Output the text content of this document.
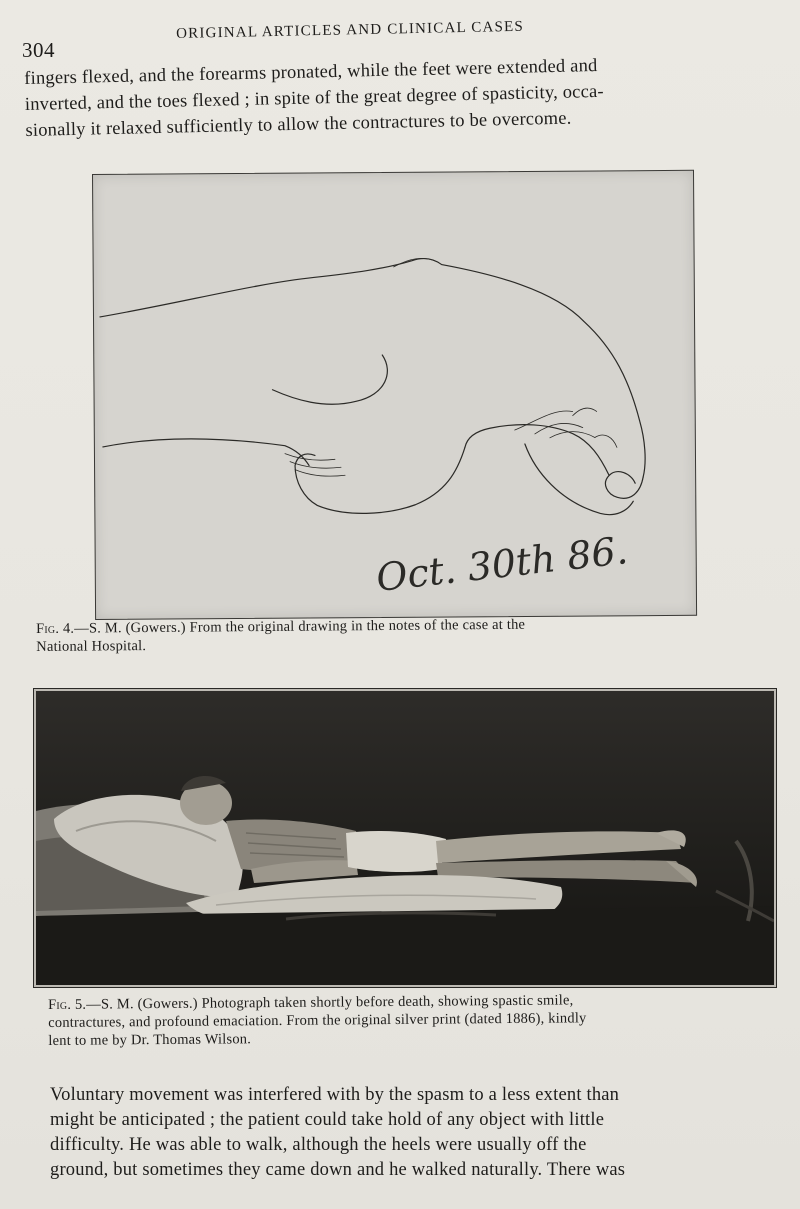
304
ORIGINAL ARTICLES AND CLINICAL CASES
fingers flexed, and the forearms pronated, while the feet were extended and
inverted, and the toes flexed ; in spite of the great degree of spasticity, occa-
sionally it relaxed sufficiently to allow the contractures to be overcome.
Oct. 30th 86.
Fig. 4.—S. M. (Gowers.) From the original drawing in the notes of the case at the
National Hospital.
Fig. 5.—S. M. (Gowers.) Photograph taken shortly before death, showing spastic smile,
contractures, and profound emaciation. From the original silver print (dated 1886), kindly
lent to me by Dr. Thomas Wilson.
Voluntary movement was interfered with by the spasm to a less extent than
might be anticipated ; the patient could take hold of any object with little
difficulty. He was able to walk, although the heels were usually off the
ground, but sometimes they came down and he walked naturally. There was
